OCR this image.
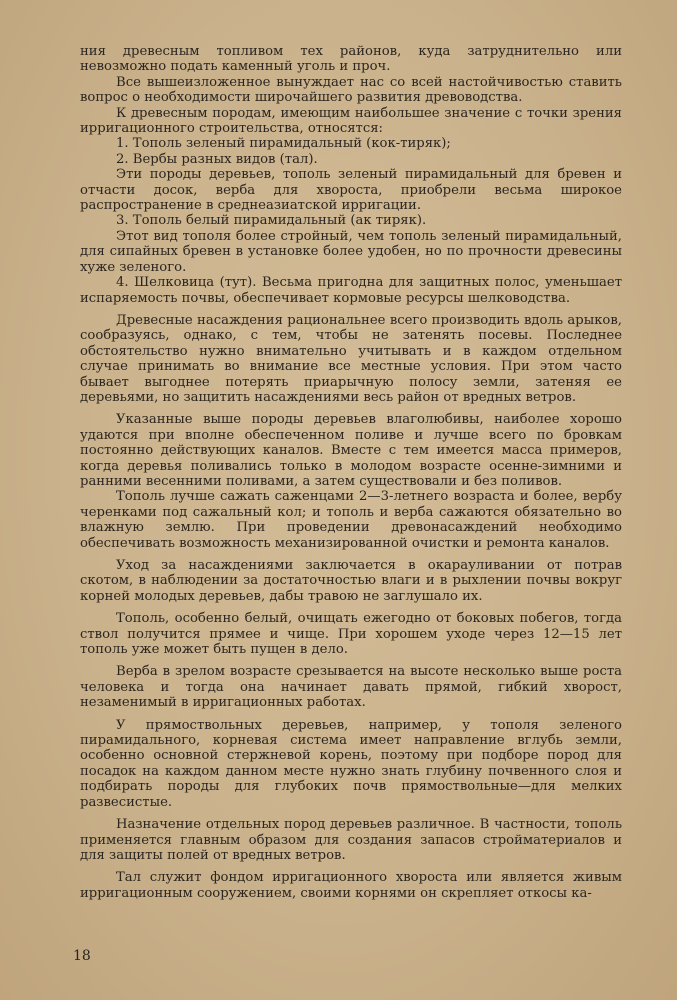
ния древесным топливом тех районов, куда затруднительно или невозможно подать каменный уголь и проч.

Все вышеизложенное вынуждает нас со всей настойчивостью ставить вопрос о необходимости широчайшего развития древоводства.

К древесным породам, имеющим наибольшее значение с точки зрения ирригационного строительства, относятся:

1. Тополь зеленый пирамидальный (кок-тиряк);

2. Вербы разных видов (тал).

Эти породы деревьев, тополь зеленый пирамидальный для бревен и отчасти досок, верба для хворостa, приобрели весьма широкое распространение в среднеазиатской ирригации.

3. Тополь белый пирамидальный (ак тиряк).

Этот вид тополя более стройный, чем тополь зеленый пирамидальный, для сипайных бревен в установке более удобен, но по прочности древесины хуже зеленого.

4. Шелковица (тут). Весьма пригодна для защитных полос, уменьшает испаряемость почвы, обеспечивает кормовые ресурсы шелководства.

Древесные насаждения рациональнее всего производить вдоль арыков, сообразуясь, однако, с тем, чтобы не затенять посевы. Последнее обстоятельство нужно внимательно учитывать и в каждом отдельном случае принимать во внимание все местные условия. При этом часто бывает выгоднее потерять приарычную полосу земли, затеняя ее деревьями, но защитить насаждениями весь район от вредных ветров.

Указанные выше породы деревьев влаголюбивы, наиболее хорошо удаются при вполне обеспеченном поливе и лучше всего по бровкам постоянно действующих каналов. Вместе с тем имеется масса примеров, когда деревья поливались только в молодом возрасте осенне-зимними и ранними весенними поливами, а затем существовали и без поливов.

Тополь лучше сажать саженцами 2—3-летнего возраста и более, вербу черенками под сажальный кол; и тополь и верба сажаются обязательно во влажную землю. При проведении древонасаждений необходимо обеспечивать возможность механизированной очистки и ремонта каналов.

Уход за насаждениями заключается в окарауливании от потрав скотом, в наблюдении за достаточностью влаги и в рыхлении почвы вокруг корней молодых деревьев, дабы травою не заглушало их.

Тополь, особенно белый, очищать ежегодно от боковых побегов, тогда ствол получится прямее и чище. При хорошем уходе через 12—15 лет тополь уже может быть пущен в дело.

Верба в зрелом возрасте срезывается на высоте несколько выше роста человека и тогда она начинает давать прямой, гибкий хворост, незаменимый в ирригационных работах.

У прямоствольных деревьев, например, у тополя зеленого пирамидального, корневая система имеет направление вглубь земли, особенно основной стержневой корень, поэтому при подборе пород для посадок на каждом данном месте нужно знать глубину почвенного слоя и подбирать породы для глубоких почв прямоствольные—для мелких развесистые.

Назначение отдельных пород деревьев различное. В частности, тополь применяется главным образом для создания запасов стройматериалов и для защиты полей от вредных ветров.

Тал служит фондом ирригационного хворостa или является живым ирригационным сооружением, своими корнями он скрепляет откосы ка-

18
